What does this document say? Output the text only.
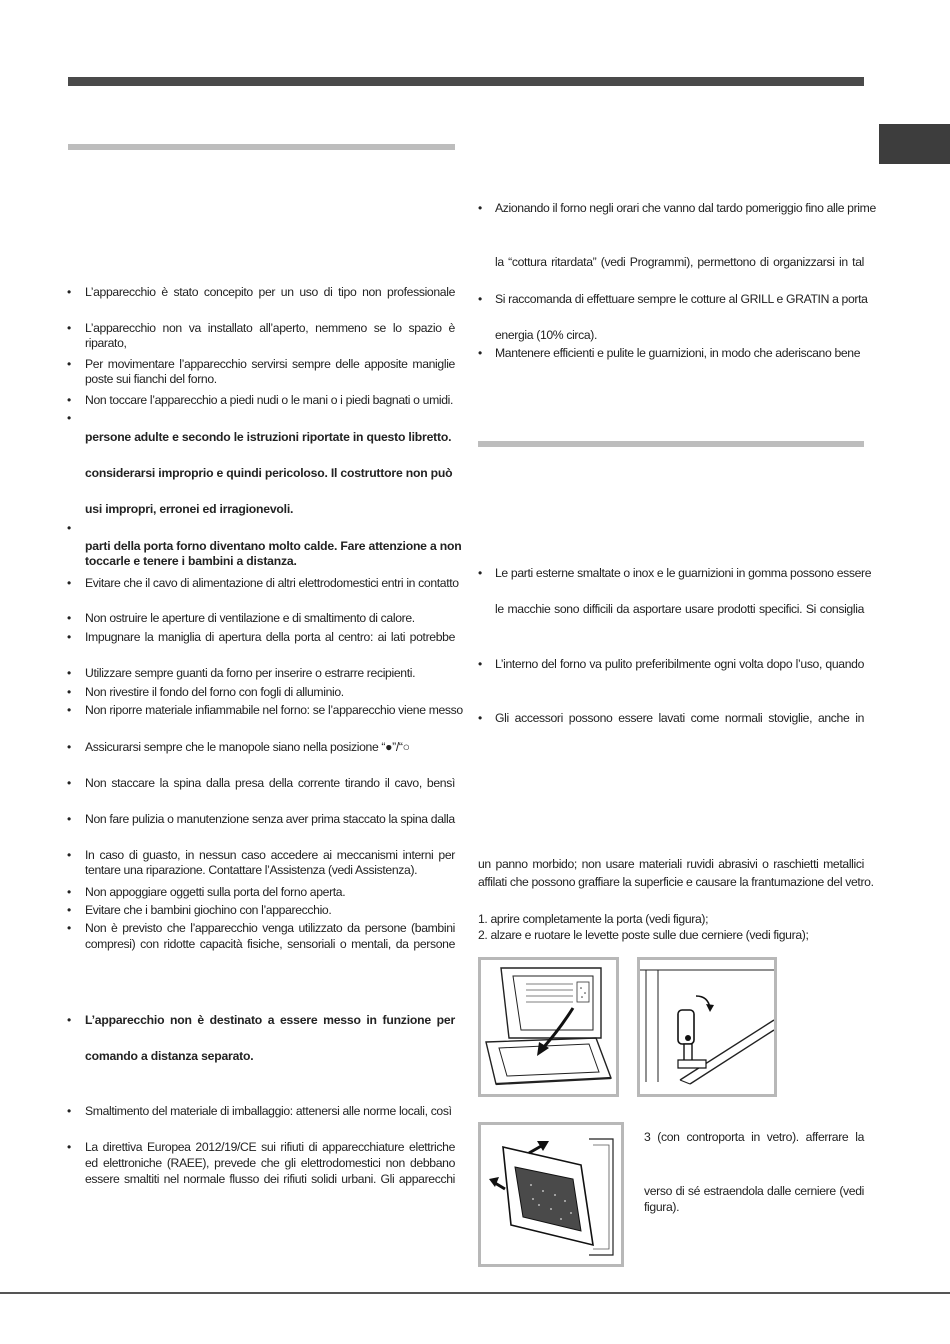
• L’apparecchio è stato concepito per un uso di tipo non professionale
• L’apparecchio non va installato all’aperto, nemmeno se lo spazio è riparato,
• Per movimentare l’apparecchio servirsi sempre delle apposite maniglie
poste sui fianchi del forno.
• Non toccare l’apparecchio a piedi nudi o le mani o i piedi bagnati o umidi.
•
persone adulte e secondo le istruzioni riportate in questo libretto.
considerarsi improprio e quindi pericoloso. Il costruttore non può
usi impropri, erronei ed irragionevoli.
•
parti della porta forno diventano molto calde. Fare attenzione a non
toccarle e tenere i bambini a distanza.
• Evitare che il cavo di alimentazione di altri elettrodomestici entri in contatto
• Non ostruire le aperture di ventilazione e di smaltimento di calore.
• Impugnare la maniglia di apertura della porta al centro: ai lati potrebbe
• Utilizzare sempre guanti da forno per inserire o estrarre recipienti.
• Non rivestire il fondo del forno con fogli di alluminio.
• Non riporre materiale infiammabile nel forno: se l’apparecchio viene messo
• Assicurarsi sempre che le manopole siano nella posizione “●”/“○
• Non staccare la spina dalla presa della corrente tirando il cavo, bensì
• Non fare pulizia o manutenzione senza aver prima staccato la spina dalla
• In caso di guasto, in nessun caso accedere ai meccanismi interni per
tentare una riparazione. Contattare l’Assistenza (vedi Assistenza).
• Non appoggiare oggetti sulla porta del forno aperta.
• Evitare che i bambini giochino con l’apparecchio.
• Non è previsto che l’apparecchio venga utilizzato da persone (bambini
compresi) con ridotte capacità fisiche, sensoriali o mentali, da persone
• L’apparecchio non è destinato a essere messo in funzione per
comando a distanza separato.
• Smaltimento del materiale di imballaggio: attenersi alle norme locali, così
• La direttiva Europea 2012/19/CE sui rifiuti di apparecchiature elettriche
ed elettroniche (RAEE), prevede che gli elettrodomestici non debbano
essere smaltiti nel normale flusso dei rifiuti solidi urbani. Gli apparecchi
• Azionando il forno negli orari che vanno dal tardo pomeriggio fino alle prime
la “cottura ritardata” (vedi Programmi), permettono di organizzarsi in tal
• Si raccomanda di effettuare sempre le cotture al GRILL e GRATIN a porta
energia (10% circa).
• Mantenere efficienti e pulite le guarnizioni, in modo che aderiscano bene
• Le parti esterne smaltate o inox e le guarnizioni in gomma possono essere
le macchie sono difficili da asportare usare prodotti specifici. Si consiglia
• L’interno del forno va pulito preferibilmente ogni volta dopo l’uso, quando
• Gli accessori possono essere lavati come normali stoviglie, anche in
un panno morbido; non usare materiali ruvidi abrasivi o raschietti metallici
affilati che possono graffiare la superficie e causare la frantumazione del vetro.
1. aprire completamente la porta (vedi figura);
2. alzare e ruotare le levette poste sulle due cerniere (vedi figura);
3 (con controporta in vetro). afferrare la
verso di sé estraendola dalle cerniere (vedi
figura).
